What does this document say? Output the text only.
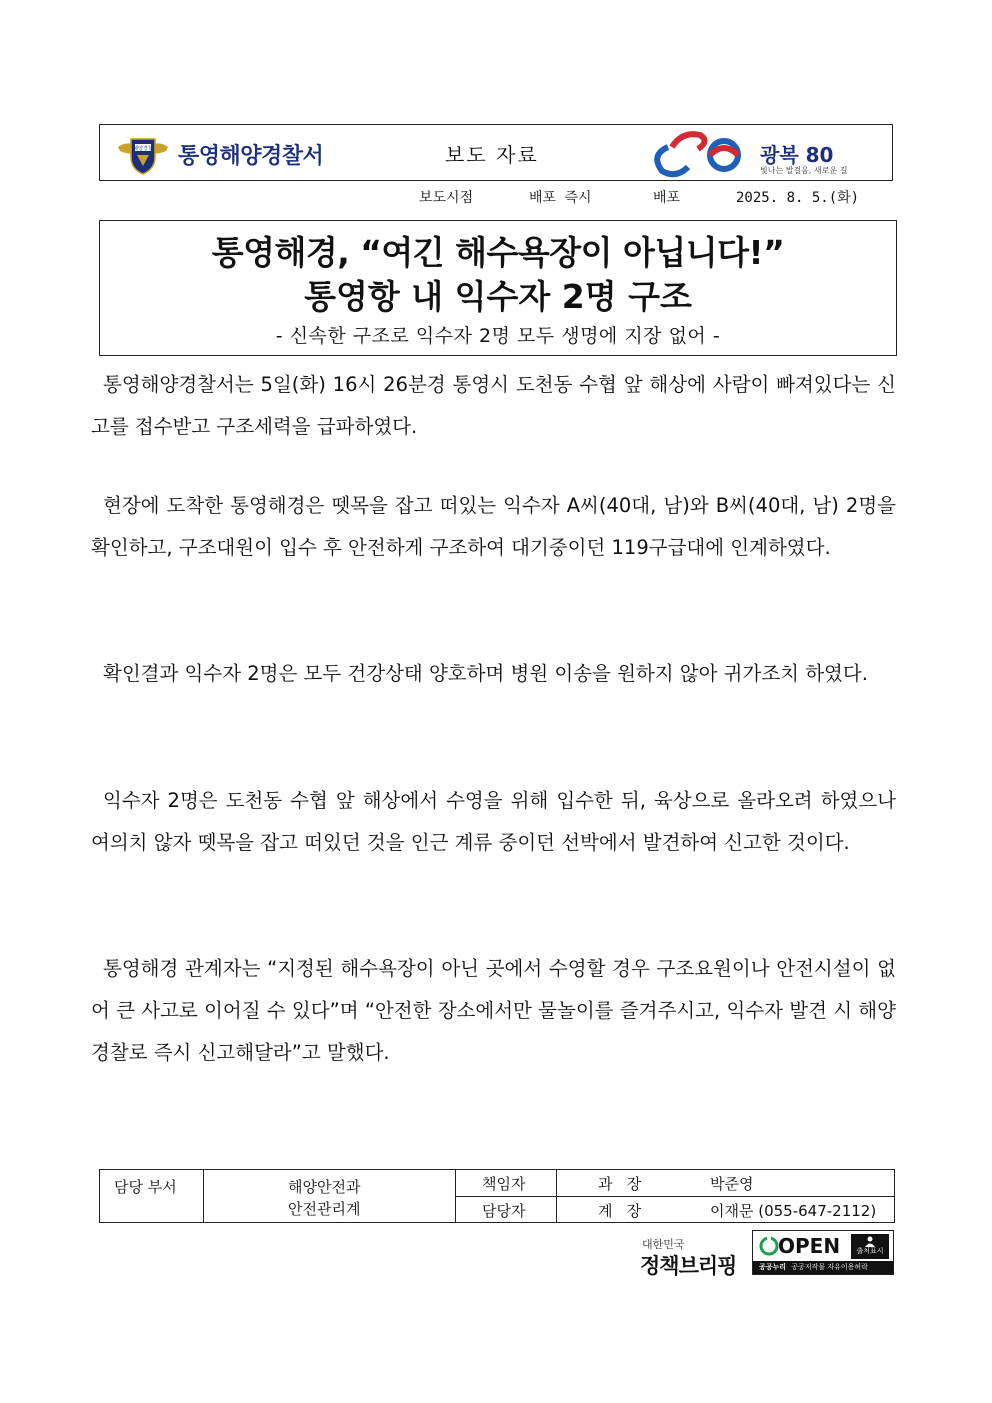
해양경찰 통영해양경찰서	보도 자료	광복 80
빛나는 발걸음, 새로운 길
보도시점	배포 즉시	배포	2025. 8. 5.(화)
통영해경, “여긴 해수욕장이 아닙니다!”
통영항 내 익수자 2명 구조
- 신속한 구조로 익수자 2명 모두 생명에 지장 없어 -

통영해양경찰서는 5일(화) 16시 26분경 통영시 도천동 수협 앞 해상에 사람이 빠져있다는 신고를 접수받고 구조세력을 급파하였다.

현장에 도착한 통영해경은 뗏목을 잡고 떠있는 익수자 A씨(40대, 남)와 B씨(40대, 남) 2명을 확인하고, 구조대원이 입수 후 안전하게 구조하여 대기중이던 119구급대에 인계하였다.

확인결과 익수자 2명은 모두 건강상태 양호하며 병원 이송을 원하지 않아 귀가조치 하였다.

익수자 2명은 도천동 수협 앞 해상에서 수영을 위해 입수한 뒤, 육상으로 올라오려 하였으나 여의치 않자 뗏목을 잡고 떠있던 것을 인근 계류 중이던 선박에서 발견하여 신고한 것이다.

통영해경 관계자는 “지정된 해수욕장이 아닌 곳에서 수영할 경우 구조요원이나 안전시설이 없어 큰 사고로 이어질 수 있다”며 “안전한 장소에서만 물놀이를 즐겨주시고, 익수자 발견 시 해양경찰로 즉시 신고해달라”고 말했다.

담당 부서	해양안전과
안전관리계
책임자	과   장	박준영
담당자	계   장	이재문 (055-647-2112)
대한민국
정책브리핑
OPEN	출처표시
공공누리 공공저작물 자유이용허락
